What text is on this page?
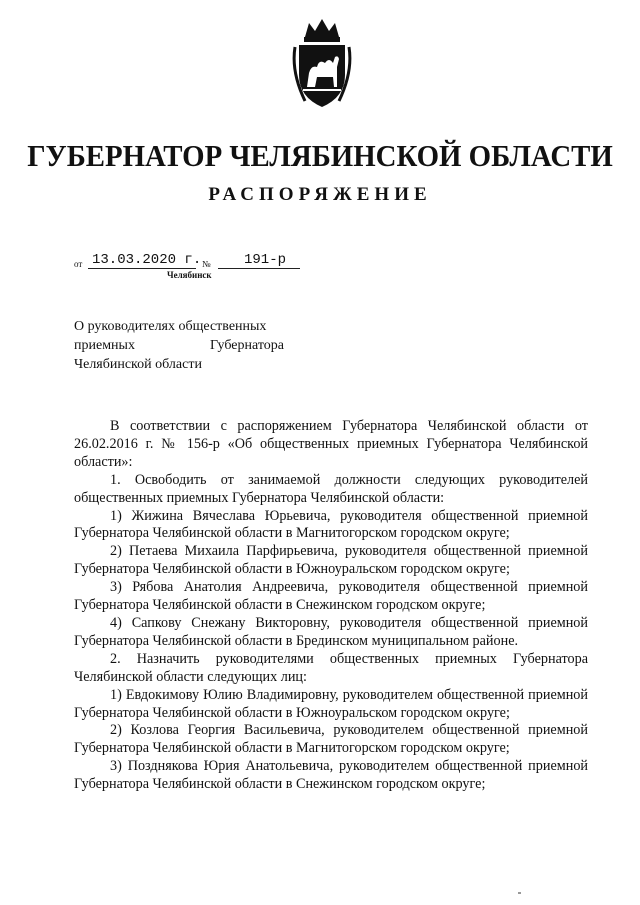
ГУБЕРНАТОР ЧЕЛЯБИНСКОЙ ОБЛАСТИ
РАСПОРЯЖЕНИЕ
от 13.03.2020 г. № 191-р
Челябинск
О руководителях общественных
приемных	Губернатора
Челябинской области

В соответствии с распоряжением Губернатора Челябинской области от 26.02.2016 г. № 156-р «Об общественных приемных Губернатора Челябинской области»:

1. Освободить от занимаемой должности следующих руководителей общественных приемных Губернатора Челябинской области:

1) Жижина Вячеслава Юрьевича, руководителя общественной приемной Губернатора Челябинской области в Магнитогорском городском округе;

2) Петаева Михаила Парфирьевича, руководителя общественной приемной Губернатора Челябинской области в Южноуральском городском округе;

3) Рябова Анатолия Андреевича, руководителя общественной приемной Губернатора Челябинской области в Снежинском городском округе;

4) Сапкову Снежану Викторовну, руководителя общественной приемной Губернатора Челябинской области в Брединском муниципальном районе.

2. Назначить руководителями общественных приемных Губернатора Челябинской области следующих лиц:

1) Евдокимову Юлию Владимировну, руководителем общественной приемной Губернатора Челябинской области в Южноуральском городском округе;

2) Козлова Георгия Васильевича, руководителем общественной приемной Губернатора Челябинской области в Магнитогорском городском округе;

3) Позднякова Юрия Анатольевича, руководителем общественной приемной Губернатора Челябинской области в Снежинском городском округе;
